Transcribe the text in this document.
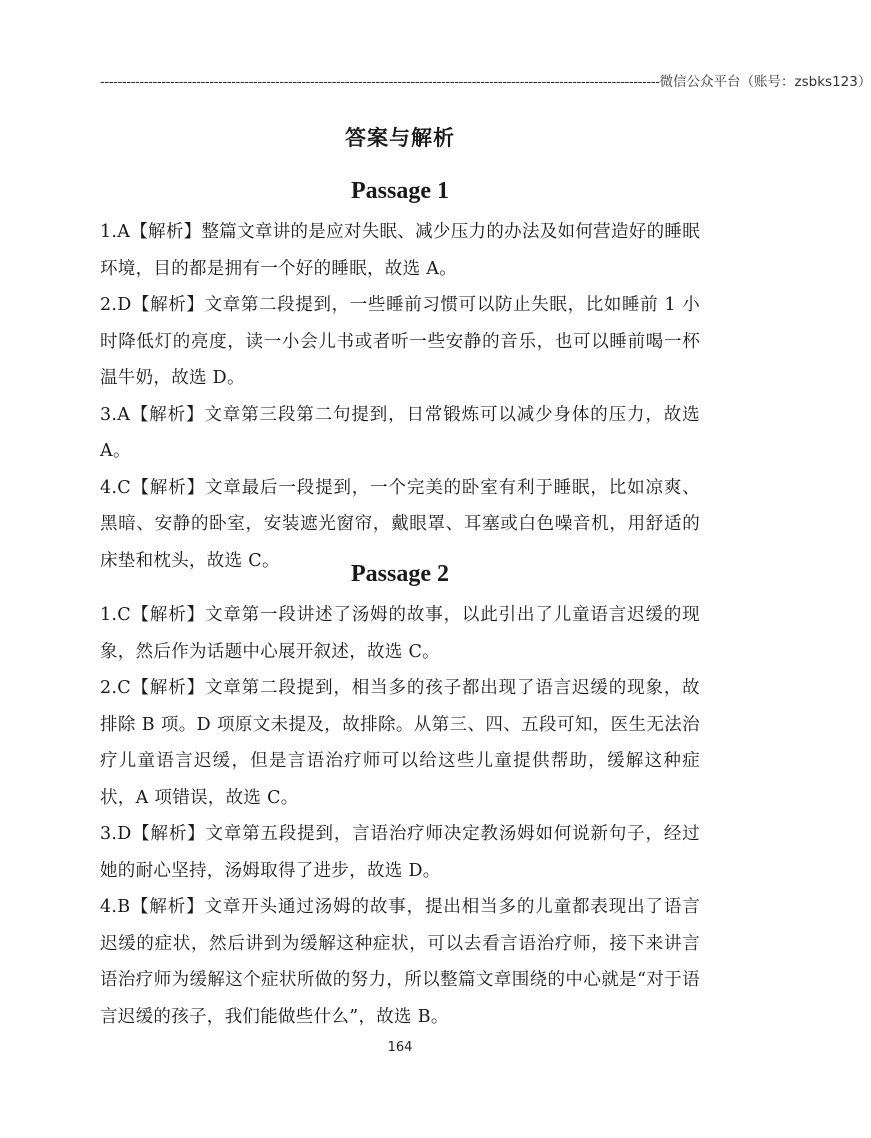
-------------------------------------------------------------------------------------------------------------------------------- 微信公众平台（账号：zsbks123）
答案与解析
Passage 1

1.A【解析】整篇文章讲的是应对失眠、减少压力的办法及如何营造好的睡眠环境，目的都是拥有一个好的睡眠，故选 A。

2.D【解析】文章第二段提到，一些睡前习惯可以防止失眠，比如睡前 1 小时降低灯的亮度，读一小会儿书或者听一些安静的音乐，也可以睡前喝一杯温牛奶，故选 D。

3.A【解析】文章第三段第二句提到，日常锻炼可以减少身体的压力，故选 A。

4.C【解析】文章最后一段提到，一个完美的卧室有利于睡眠，比如凉爽、黑暗、安静的卧室，安装遮光窗帘，戴眼罩、耳塞或白色噪音机，用舒适的床垫和枕头，故选 C。

Passage 2

1.C【解析】文章第一段讲述了汤姆的故事，以此引出了儿童语言迟缓的现象，然后作为话题中心展开叙述，故选 C。

2.C【解析】文章第二段提到，相当多的孩子都出现了语言迟缓的现象，故排除 B 项。D 项原文未提及，故排除。从第三、四、五段可知，医生无法治疗儿童语言迟缓，但是言语治疗师可以给这些儿童提供帮助，缓解这种症状，A 项错误，故选 C。

3.D【解析】文章第五段提到，言语治疗师决定教汤姆如何说新句子，经过她的耐心坚持，汤姆取得了进步，故选 D。

4.B【解析】文章开头通过汤姆的故事，提出相当多的儿童都表现出了语言迟缓的症状，然后讲到为缓解这种症状，可以去看言语治疗师，接下来讲言语治疗师为缓解这个症状所做的努力，所以整篇文章围绕的中心就是“对于语言迟缓的孩子，我们能做些什么”，故选 B。

164
